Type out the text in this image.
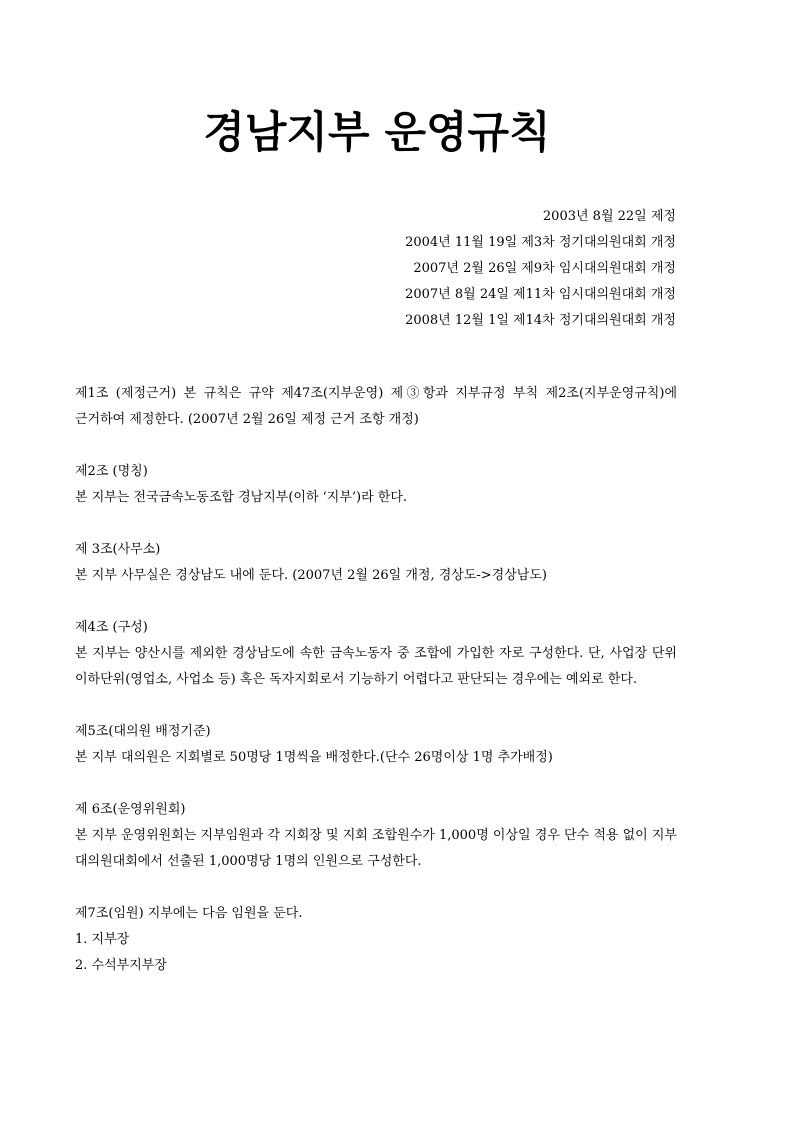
경남지부 운영규칙
2003년 8월 22일 제정
2004년 11월 19일 제3차 정기대의원대회 개정
2007년 2월 26일 제9차 임시대의원대회 개정
2007년 8월 24일 제11차 임시대의원대회 개정
2008년 12월 1일 제14차 정기대의원대회 개정
제1조 (제정근거) 본 규칙은 규약 제47조(지부운영) 제③항과 지부규정 부칙 제2조(지부운영규칙)에 근거하여 제정한다. (2007년 2월 26일 제정 근거 조항 개정)
제2조 (명칭)
본 지부는 전국금속노동조합 경남지부(이하 ‘지부’)라 한다.
제 3조(사무소)
본 지부 사무실은 경상남도 내에 둔다. (2007년 2월 26일 개정, 경상도->경상남도)
제4조 (구성)
본 지부는 양산시를 제외한 경상남도에 속한 금속노동자 중 조합에 가입한 자로 구성한다. 단, 사업장 단위 이하단위(영업소, 사업소 등) 혹은 독자지회로서 기능하기 어렵다고 판단되는 경우에는 예외로 한다.
제5조(대의원 배정기준)
본 지부 대의원은 지회별로 50명당 1명씩을 배정한다.(단수 26명이상 1명 추가배정)
제 6조(운영위원회)
본 지부 운영위원회는 지부임원과 각 지회장 및 지회 조합원수가 1,000명 이상일 경우 단수 적용 없이 지부 대의원대회에서 선출된 1,000명당 1명의 인원으로 구성한다.
제7조(임원) 지부에는 다음 임원을 둔다.
1. 지부장
2. 수석부지부장
